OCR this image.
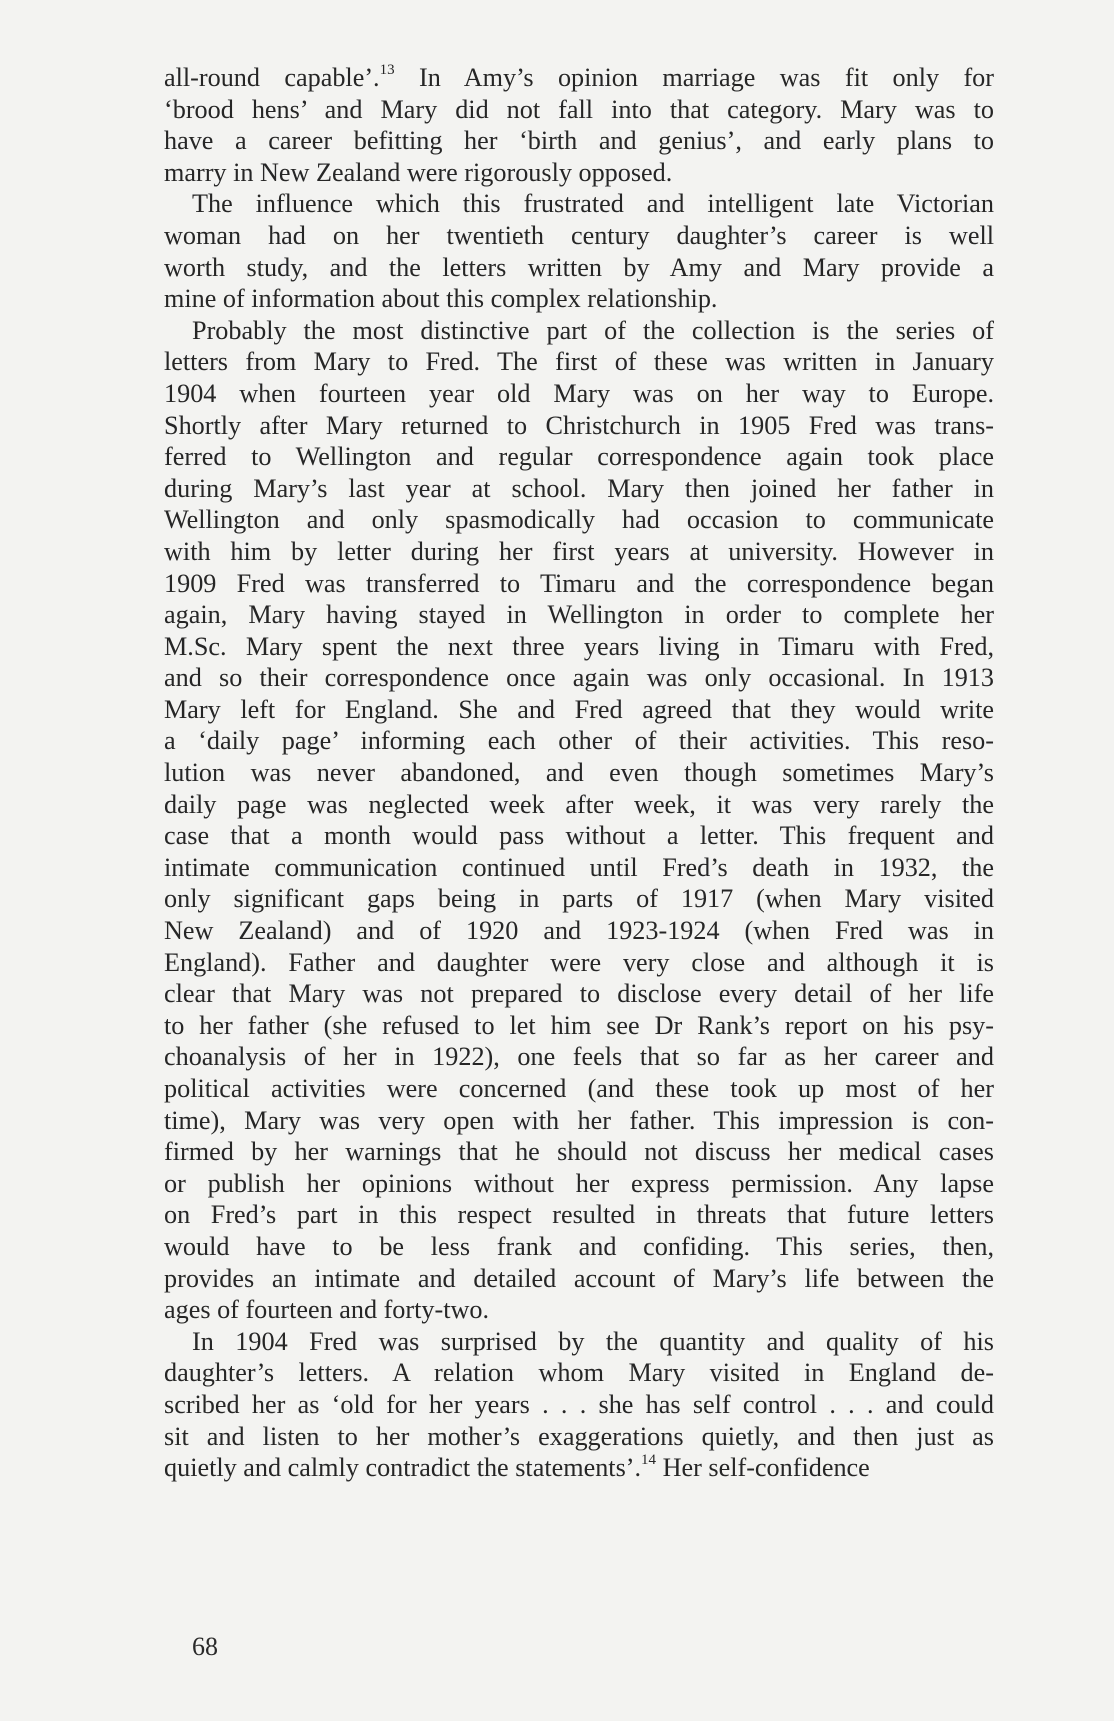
all-round capable’.$^{13}$ In Amy’s opinion marriage was fit only for
‘brood hens’ and Mary did not fall into that category. Mary was to
have a career befitting her ‘birth and genius’, and early plans to
marry in New Zealand were rigorously opposed.
The influence which this frustrated and intelligent late Victorian
woman had on her twentieth century daughter’s career is well
worth study, and the letters written by Amy and Mary provide a
mine of information about this complex relationship.
Probably the most distinctive part of the collection is the series of
letters from Mary to Fred. The first of these was written in January
1904 when fourteen year old Mary was on her way to Europe.
Shortly after Mary returned to Christchurch in 1905 Fred was trans-
ferred to Wellington and regular correspondence again took place
during Mary’s last year at school. Mary then joined her father in
Wellington and only spasmodically had occasion to communicate
with him by letter during her first years at university. However in
1909 Fred was transferred to Timaru and the correspondence began
again, Mary having stayed in Wellington in order to complete her
M.Sc. Mary spent the next three years living in Timaru with Fred,
and so their correspondence once again was only occasional. In 1913
Mary left for England. She and Fred agreed that they would write
a ‘daily page’ informing each other of their activities. This reso-
lution was never abandoned, and even though sometimes Mary’s
daily page was neglected week after week, it was very rarely the
case that a month would pass without a letter. This frequent and
intimate communication continued until Fred’s death in 1932, the
only significant gaps being in parts of 1917 (when Mary visited
New Zealand) and of 1920 and 1923-1924 (when Fred was in
England). Father and daughter were very close and although it is
clear that Mary was not prepared to disclose every detail of her life
to her father (she refused to let him see Dr Rank’s report on his psy-
choanalysis of her in 1922), one feels that so far as her career and
political activities were concerned (and these took up most of her
time), Mary was very open with her father. This impression is con-
firmed by her warnings that he should not discuss her medical cases
or publish her opinions without her express permission. Any lapse
on Fred’s part in this respect resulted in threats that future letters
would have to be less frank and confiding. This series, then,
provides an intimate and detailed account of Mary’s life between the
ages of fourteen and forty-two.
In 1904 Fred was surprised by the quantity and quality of his
daughter’s letters. A relation whom Mary visited in England de-
scribed her as ‘old for her years . . . she has self control . . . and could
sit and listen to her mother’s exaggerations quietly, and then just as
quietly and calmly contradict the statements’.$^{14}$ Her self-confidence
68
